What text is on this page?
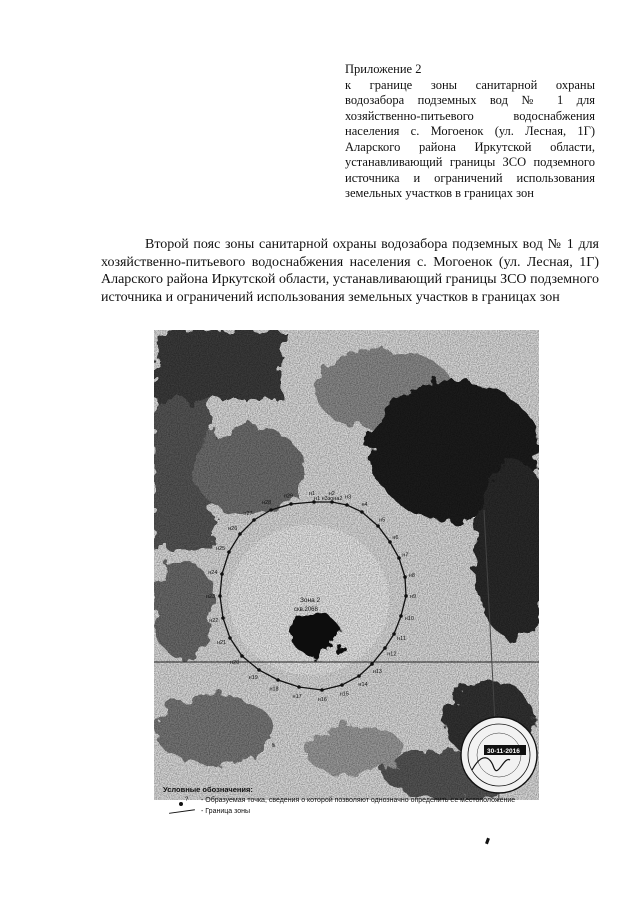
Приложение 2
к границе зоны санитарной охраны водозабора подземных вод № 1 для хозяйственно-питьевого водоснабжения населения с. Могоенок (ул. Лесная, 1Г) Аларского района Иркутской области, устанавливающий границы ЗСО подземного источника и ограничений использования земельных участков в границах зон
Второй пояс зоны санитарной охраны водозабора подземных вод № 1 для хозяйственно-питьевого водоснабжения населения с. Могоенок (ул. Лесная, 1Г) Аларского района Иркутской области, устанавливающий границы ЗСО подземного источника и ограничений использования земельных участков в границах зон
н1 н2
н3
н4
н5
н6
н7
н8
н9
н10
н11
н12
н13
н14
н15
н16
н17
н18
н19
н20
н21
н22
н23
н24
н25
н26
н27
н28
н29
Зона 2
скв.2068
н1 н3зона2
30-11-2016
Условные обозначения:
? - Образуемая точка, сведения о которой позволяют однозначно определить ее местоположение
- Граница зоны
